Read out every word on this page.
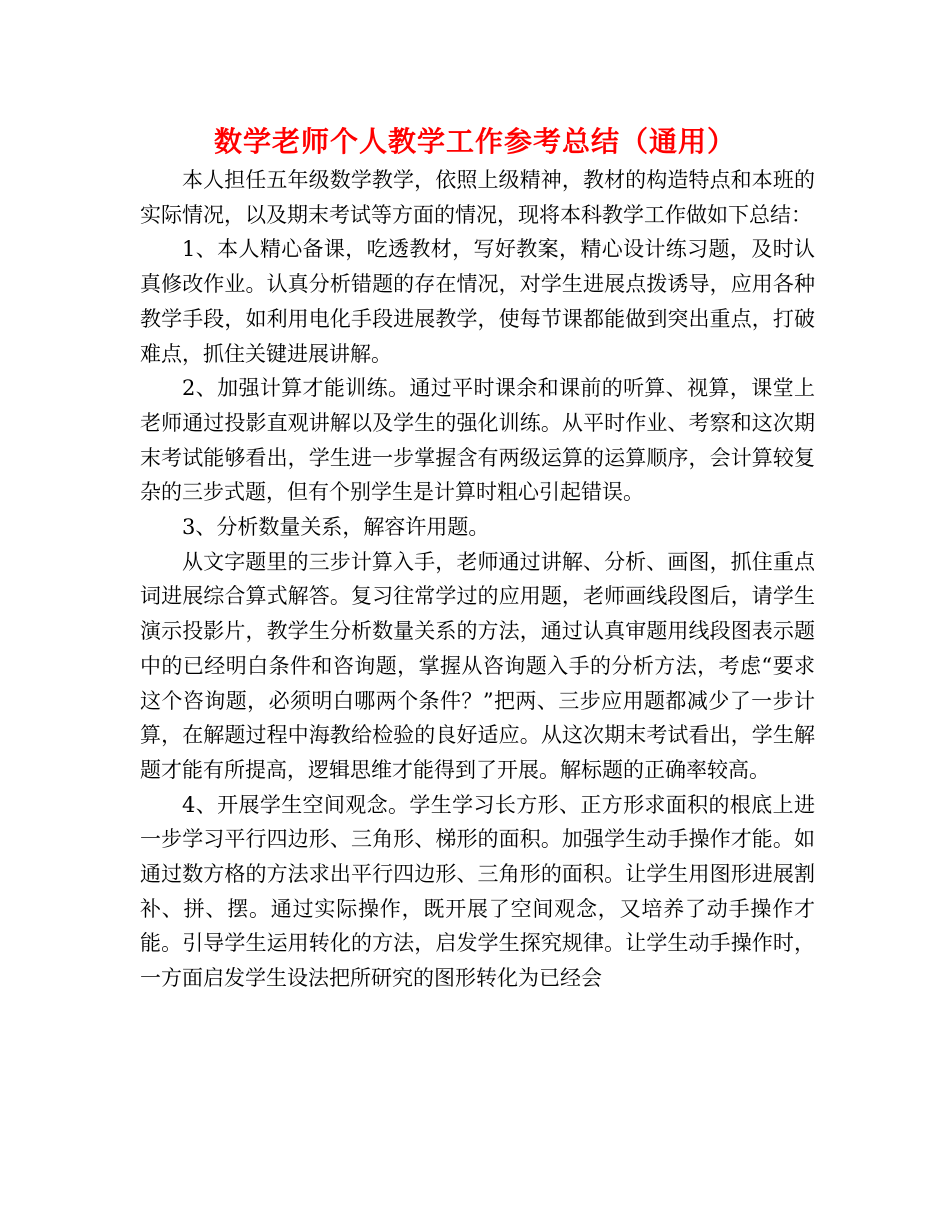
数学老师个人教学工作参考总结（通用）

本人担任五年级数学教学，依照上级精神，教材的构造特点和本班的实际情况，以及期末考试等方面的情况，现将本科教学工作做如下总结：

1、本人精心备课，吃透教材，写好教案，精心设计练习题，及时认真修改作业。认真分析错题的存在情况，对学生进展点拨诱导，应用各种教学手段，如利用电化手段进展教学，使每节课都能做到突出重点，打破难点，抓住关键进展讲解。

2、加强计算才能训练。通过平时课余和课前的听算、视算，课堂上老师通过投影直观讲解以及学生的强化训练。从平时作业、考察和这次期末考试能够看出，学生进一步掌握含有两级运算的运算顺序，会计算较复杂的三步式题，但有个别学生是计算时粗心引起错误。

3、分析数量关系，解容许用题。

从文字题里的三步计算入手，老师通过讲解、分析、画图，抓住重点词进展综合算式解答。复习往常学过的应用题，老师画线段图后，请学生演示投影片，教学生分析数量关系的方法，通过认真审题用线段图表示题中的已经明白条件和咨询题，掌握从咨询题入手的分析方法，考虑“要求这个咨询题，必须明白哪两个条件？”把两、三步应用题都减少了一步计算，在解题过程中海教给检验的良好适应。从这次期末考试看出，学生解题才能有所提高，逻辑思维才能得到了开展。解标题的正确率较高。

4、开展学生空间观念。学生学习长方形、正方形求面积的根底上进一步学习平行四边形、三角形、梯形的面积。加强学生动手操作才能。如通过数方格的方法求出平行四边形、三角形的面积。让学生用图形进展割补、拼、摆。通过实际操作，既开展了空间观念，又培养了动手操作才能。引导学生运用转化的方法，启发学生探究规律。让学生动手操作时，一方面启发学生设法把所研究的图形转化为已经会
